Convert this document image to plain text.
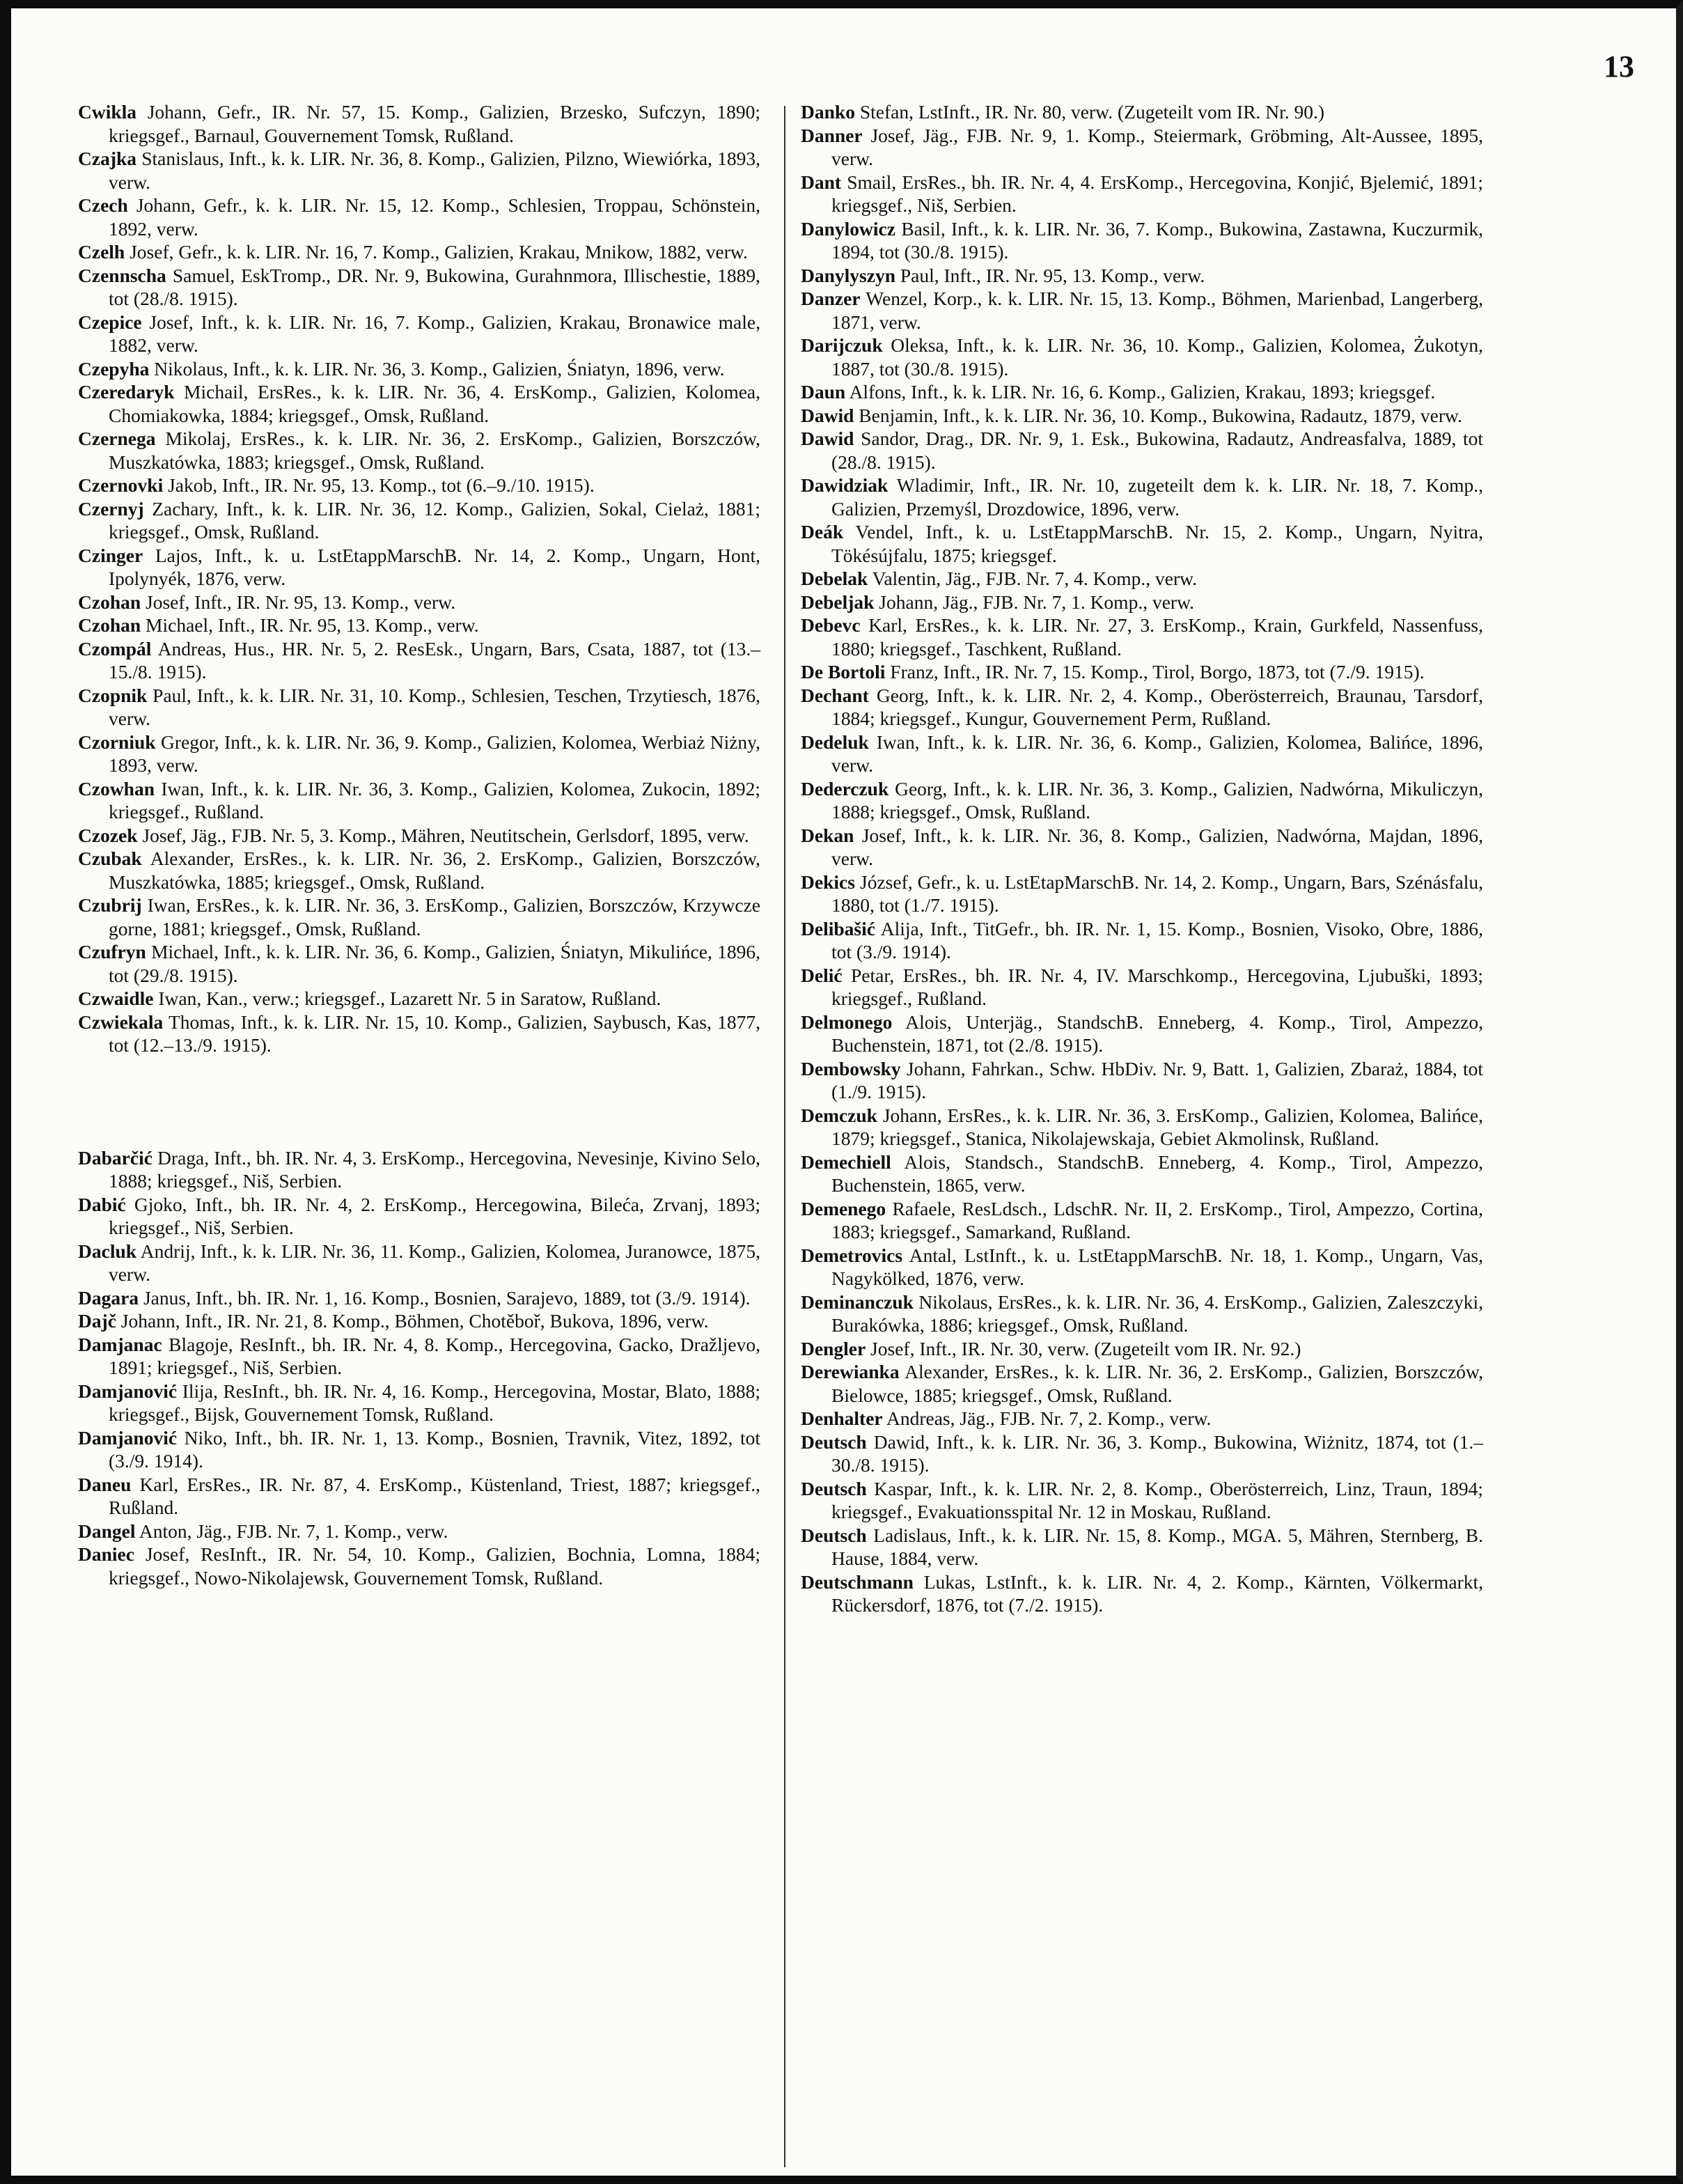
13

Cwikla Johann, Gefr., IR. Nr. 57, 15. Komp., Galizien, Brzesko, Sufczyn, 1890; kriegsgef., Barnaul, Gouvernement Tomsk, Rußland.

Czajka Stanislaus, Inft., k. k. LIR. Nr. 36, 8. Komp., Galizien, Pilzno, Wiewiórka, 1893, verw.

Czech Johann, Gefr., k. k. LIR. Nr. 15, 12. Komp., Schlesien, Troppau, Schönstein, 1892, verw.

Czelh Josef, Gefr., k. k. LIR. Nr. 16, 7. Komp., Galizien, Krakau, Mnikow, 1882, verw.

Czennscha Samuel, EskTromp., DR. Nr. 9, Bukowina, Gurahnmora, Illischestie, 1889, tot (28./8. 1915).

Czepice Josef, Inft., k. k. LIR. Nr. 16, 7. Komp., Galizien, Krakau, Bronawice male, 1882, verw.

Czepyha Nikolaus, Inft., k. k. LIR. Nr. 36, 3. Komp., Galizien, Śniatyn, 1896, verw.

Czeredaryk Michail, ErsRes., k. k. LIR. Nr. 36, 4. ErsKomp., Galizien, Kolomea, Chomiakowka, 1884; kriegsgef., Omsk, Rußland.

Czernega Mikolaj, ErsRes., k. k. LIR. Nr. 36, 2. ErsKomp., Galizien, Borszczów, Muszkatówka, 1883; kriegsgef., Omsk, Rußland.

Czernovki Jakob, Inft., IR. Nr. 95, 13. Komp., tot (6.–9./10. 1915).

Czernyj Zachary, Inft., k. k. LIR. Nr. 36, 12. Komp., Galizien, Sokal, Cielaż, 1881; kriegsgef., Omsk, Rußland.

Czinger Lajos, Inft., k. u. LstEtappMarschB. Nr. 14, 2. Komp., Ungarn, Hont, Ipolynyék, 1876, verw.

Czohan Josef, Inft., IR. Nr. 95, 13. Komp., verw.

Czohan Michael, Inft., IR. Nr. 95, 13. Komp., verw.

Czompál Andreas, Hus., HR. Nr. 5, 2. ResEsk., Ungarn, Bars, Csata, 1887, tot (13.–15./8. 1915).

Czopnik Paul, Inft., k. k. LIR. Nr. 31, 10. Komp., Schlesien, Teschen, Trzytiesch, 1876, verw.

Czorniuk Gregor, Inft., k. k. LIR. Nr. 36, 9. Komp., Galizien, Kolomea, Werbiaż Niżny, 1893, verw.

Czowhan Iwan, Inft., k. k. LIR. Nr. 36, 3. Komp., Galizien, Kolomea, Zukocin, 1892; kriegsgef., Rußland.

Czozek Josef, Jäg., FJB. Nr. 5, 3. Komp., Mähren, Neutitschein, Gerlsdorf, 1895, verw.

Czubak Alexander, ErsRes., k. k. LIR. Nr. 36, 2. ErsKomp., Galizien, Borszczów, Muszkatówka, 1885; kriegsgef., Omsk, Rußland.

Czubrij Iwan, ErsRes., k. k. LIR. Nr. 36, 3. ErsKomp., Galizien, Borszczów, Krzywcze gorne, 1881; kriegsgef., Omsk, Rußland.

Czufryn Michael, Inft., k. k. LIR. Nr. 36, 6. Komp., Galizien, Śniatyn, Mikulińce, 1896, tot (29./8. 1915).

Czwaidle Iwan, Kan., verw.; kriegsgef., Lazarett Nr. 5 in Saratow, Rußland.

Czwiekala Thomas, Inft., k. k. LIR. Nr. 15, 10. Komp., Galizien, Saybusch, Kas, 1877, tot (12.–13./9. 1915).

Dabarčić Draga, Inft., bh. IR. Nr. 4, 3. ErsKomp., Hercegovina, Nevesinje, Kivino Selo, 1888; kriegsgef., Niš, Serbien.

Dabić Gjoko, Inft., bh. IR. Nr. 4, 2. ErsKomp., Hercegowina, Bileća, Zrvanj, 1893; kriegsgef., Niš, Serbien.

Dacluk Andrij, Inft., k. k. LIR. Nr. 36, 11. Komp., Galizien, Kolomea, Juranowce, 1875, verw.

Dagara Janus, Inft., bh. IR. Nr. 1, 16. Komp., Bosnien, Sarajevo, 1889, tot (3./9. 1914).

Dajč Johann, Inft., IR. Nr. 21, 8. Komp., Böhmen, Chotěboř, Bukova, 1896, verw.

Damjanac Blagoje, ResInft., bh. IR. Nr. 4, 8. Komp., Hercegovina, Gacko, Dražljevo, 1891; kriegsgef., Niš, Serbien.

Damjanović Ilija, ResInft., bh. IR. Nr. 4, 16. Komp., Hercegovina, Mostar, Blato, 1888; kriegsgef., Bijsk, Gouvernement Tomsk, Rußland.

Damjanović Niko, Inft., bh. IR. Nr. 1, 13. Komp., Bosnien, Travnik, Vitez, 1892, tot (3./9. 1914).

Daneu Karl, ErsRes., IR. Nr. 87, 4. ErsKomp., Küstenland, Triest, 1887; kriegsgef., Rußland.

Dangel Anton, Jäg., FJB. Nr. 7, 1. Komp., verw.

Daniec Josef, ResInft., IR. Nr. 54, 10. Komp., Galizien, Bochnia, Lomna, 1884; kriegsgef., Nowo-Nikolajewsk, Gouvernement Tomsk, Rußland.

Danko Stefan, LstInft., IR. Nr. 80, verw. (Zugeteilt vom IR. Nr. 90.)

Danner Josef, Jäg., FJB. Nr. 9, 1. Komp., Steiermark, Gröbming, Alt-Aussee, 1895, verw.

Dant Smail, ErsRes., bh. IR. Nr. 4, 4. ErsKomp., Hercegovina, Konjić, Bjelemić, 1891; kriegsgef., Niš, Serbien.

Danylowicz Basil, Inft., k. k. LIR. Nr. 36, 7. Komp., Bukowina, Zastawna, Kuczurmik, 1894, tot (30./8. 1915).

Danylyszyn Paul, Inft., IR. Nr. 95, 13. Komp., verw.

Danzer Wenzel, Korp., k. k. LIR. Nr. 15, 13. Komp., Böhmen, Marienbad, Langerberg, 1871, verw.

Darijczuk Oleksa, Inft., k. k. LIR. Nr. 36, 10. Komp., Galizien, Kolomea, Żukotyn, 1887, tot (30./8. 1915).

Daun Alfons, Inft., k. k. LIR. Nr. 16, 6. Komp., Galizien, Krakau, 1893; kriegsgef.

Dawid Benjamin, Inft., k. k. LIR. Nr. 36, 10. Komp., Bukowina, Radautz, 1879, verw.

Dawid Sandor, Drag., DR. Nr. 9, 1. Esk., Bukowina, Radautz, Andreasfalva, 1889, tot (28./8. 1915).

Dawidziak Wladimir, Inft., IR. Nr. 10, zugeteilt dem k. k. LIR. Nr. 18, 7. Komp., Galizien, Przemyśl, Drozdowice, 1896, verw.

Deák Vendel, Inft., k. u. LstEtappMarschB. Nr. 15, 2. Komp., Ungarn, Nyitra, Tökésújfalu, 1875; kriegsgef.

Debelak Valentin, Jäg., FJB. Nr. 7, 4. Komp., verw.

Debeljak Johann, Jäg., FJB. Nr. 7, 1. Komp., verw.

Debevc Karl, ErsRes., k. k. LIR. Nr. 27, 3. ErsKomp., Krain, Gurkfeld, Nassenfuss, 1880; kriegsgef., Taschkent, Rußland.

De Bortoli Franz, Inft., IR. Nr. 7, 15. Komp., Tirol, Borgo, 1873, tot (7./9. 1915).

Dechant Georg, Inft., k. k. LIR. Nr. 2, 4. Komp., Oberösterreich, Braunau, Tarsdorf, 1884; kriegsgef., Kungur, Gouvernement Perm, Rußland.

Dedeluk Iwan, Inft., k. k. LIR. Nr. 36, 6. Komp., Galizien, Kolomea, Balińce, 1896, verw.

Dederczuk Georg, Inft., k. k. LIR. Nr. 36, 3. Komp., Galizien, Nadwórna, Mikuliczyn, 1888; kriegsgef., Omsk, Rußland.

Dekan Josef, Inft., k. k. LIR. Nr. 36, 8. Komp., Galizien, Nadwórna, Majdan, 1896, verw.

Dekics József, Gefr., k. u. LstEtapMarschB. Nr. 14, 2. Komp., Ungarn, Bars, Szénásfalu, 1880, tot (1./7. 1915).

Delibašić Alija, Inft., TitGefr., bh. IR. Nr. 1, 15. Komp., Bosnien, Visoko, Obre, 1886, tot (3./9. 1914).

Delić Petar, ErsRes., bh. IR. Nr. 4, IV. Marschkomp., Hercegovina, Ljubuški, 1893; kriegsgef., Rußland.

Delmonego Alois, Unterjäg., StandschB. Enneberg, 4. Komp., Tirol, Ampezzo, Buchenstein, 1871, tot (2./8. 1915).

Dembowsky Johann, Fahrkan., Schw. HbDiv. Nr. 9, Batt. 1, Galizien, Zbaraż, 1884, tot (1./9. 1915).

Demczuk Johann, ErsRes., k. k. LIR. Nr. 36, 3. ErsKomp., Galizien, Kolomea, Balińce, 1879; kriegsgef., Stanica, Nikolajewskaja, Gebiet Akmolinsk, Rußland.

Demechiell Alois, Standsch., StandschB. Enneberg, 4. Komp., Tirol, Ampezzo, Buchenstein, 1865, verw.

Demenego Rafaele, ResLdsch., LdschR. Nr. II, 2. ErsKomp., Tirol, Ampezzo, Cortina, 1883; kriegsgef., Samarkand, Rußland.

Demetrovics Antal, LstInft., k. u. LstEtappMarschB. Nr. 18, 1. Komp., Ungarn, Vas, Nagykölked, 1876, verw.

Deminanczuk Nikolaus, ErsRes., k. k. LIR. Nr. 36, 4. ErsKomp., Galizien, Zaleszczyki, Burakówka, 1886; kriegsgef., Omsk, Rußland.

Dengler Josef, Inft., IR. Nr. 30, verw. (Zugeteilt vom IR. Nr. 92.)

Derewianka Alexander, ErsRes., k. k. LIR. Nr. 36, 2. ErsKomp., Galizien, Borszczów, Bielowce, 1885; kriegsgef., Omsk, Rußland.

Denhalter Andreas, Jäg., FJB. Nr. 7, 2. Komp., verw.

Deutsch Dawid, Inft., k. k. LIR. Nr. 36, 3. Komp., Bukowina, Wiżnitz, 1874, tot (1.–30./8. 1915).

Deutsch Kaspar, Inft., k. k. LIR. Nr. 2, 8. Komp., Oberösterreich, Linz, Traun, 1894; kriegsgef., Evakuationsspital Nr. 12 in Moskau, Rußland.

Deutsch Ladislaus, Inft., k. k. LIR. Nr. 15, 8. Komp., MGA. 5, Mähren, Sternberg, B. Hause, 1884, verw.

Deutschmann Lukas, LstInft., k. k. LIR. Nr. 4, 2. Komp., Kärnten, Völkermarkt, Rückersdorf, 1876, tot (7./2. 1915).
